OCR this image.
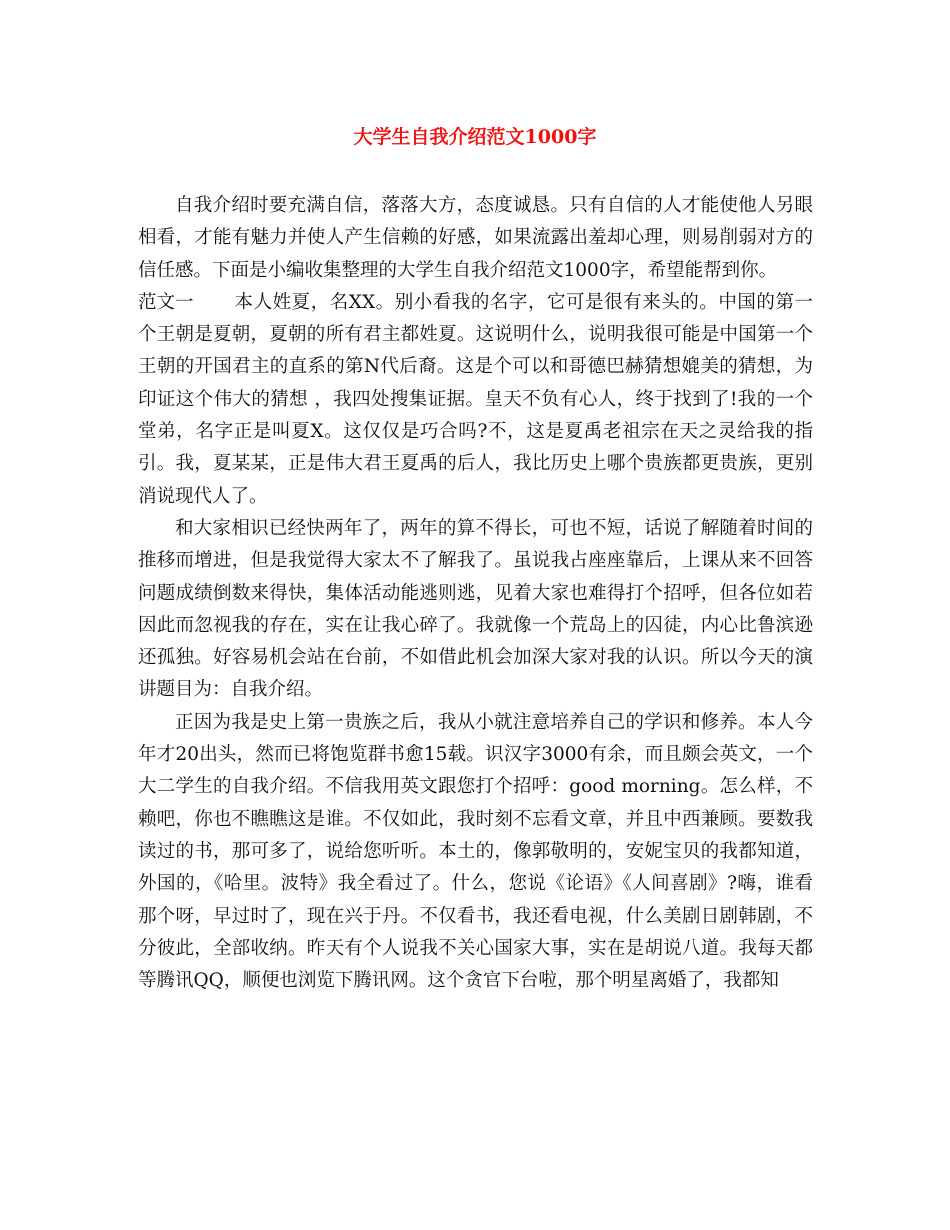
大学生自我介绍范文1000字

自我介绍时要充满自信，落落大方，态度诚恳。只有自信的人才能使他人另眼相看，才能有魅力并使人产生信赖的好感，如果流露出羞却心理，则易削弱对方的信任感。下面是小编收集整理的大学生自我介绍范文1000字，希望能帮到你。

范文一 本人姓夏，名XX。别小看我的名字，它可是很有来头的。中国的第一个王朝是夏朝，夏朝的所有君主都姓夏。这说明什么，说明我很可能是中国第一个王朝的开国君主的直系的第N代后裔。这是个可以和哥德巴赫猜想媲美的猜想，为印证这个伟大的猜想 ，我四处搜集证据。皇天不负有心人，终于找到了!我的一个堂弟，名字正是叫夏X。这仅仅是巧合吗?不，这是夏禹老祖宗在天之灵给我的指引。我，夏某某，正是伟大君王夏禹的后人，我比历史上哪个贵族都更贵族，更别消说现代人了。

和大家相识已经快两年了，两年的算不得长，可也不短，话说了解随着时间的推移而增进，但是我觉得大家太不了解我了。虽说我占座座靠后，上课从来不回答问题成绩倒数来得快，集体活动能逃则逃，见着大家也难得打个招呼，但各位如若因此而忽视我的存在，实在让我心碎了。我就像一个荒岛上的囚徒，内心比鲁滨逊还孤独。好容易机会站在台前，不如借此机会加深大家对我的认识。所以今天的演讲题目为：自我介绍。

正因为我是史上第一贵族之后，我从小就注意培养自己的学识和修养。本人今年才20出头，然而已将饱览群书愈15载。识汉字3000有余，而且颇会英文，一个大二学生的自我介绍。不信我用英文跟您打个招呼：good morning。怎么样，不赖吧，你也不瞧瞧这是谁。不仅如此，我时刻不忘看文章，并且中西兼顾。要数我读过的书，那可多了，说给您听听。本土的，像郭敬明的，安妮宝贝的我都知道，外国的，《哈里。波特》我全看过了。什么，您说《论语》《人间喜剧》?嗨，谁看那个呀，早过时了，现在兴于丹。不仅看书，我还看电视，什么美剧日剧韩剧，不分彼此，全部收纳。昨天有个人说我不关心国家大事，实在是胡说八道。我每天都等腾讯QQ，顺便也浏览下腾讯网。这个贪官下台啦，那个明星离婚了，我都知
